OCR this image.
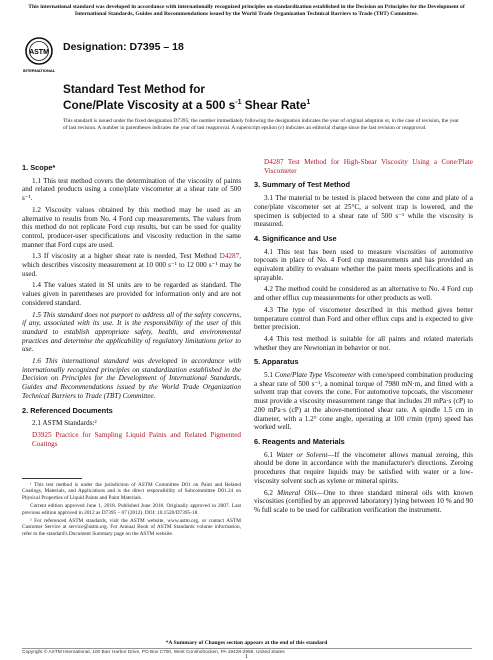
This international standard was developed in accordance with internationally recognized principles on standardization established in the Decision on Principles for the Development of International Standards, Guides and Recommendations issued by the World Trade Organization Technical Barriers to Trade (TBT) Committee.
ASTM
INTERNATIONAL
Designation: D7395 – 18
Standard Test Method for
Cone/Plate Viscosity at a 500 $s^{-1}$ Shear Rate$^1$
This standard is issued under the fixed designation D7395; the number immediately following the designation indicates the year of original adoption or, in the case of revision, the year of last revision. A number in parentheses indicates the year of last reapproval. A superscript epsilon (ε) indicates an editorial change since the last revision or reapproval.
1. Scope*

1.1 This test method covers the determination of the viscosity of paints and related products using a cone/plate viscometer at a shear rate of 500 s⁻¹.

1.2 Viscosity values obtained by this method may be used as an alternative to results from No. 4 Ford cup measurements. The values from this method do not replicate Ford cup results, but can be used for quality control, producer-user specifications and viscosity reduction in the same manner that Ford cups are used.

1.3 If viscosity at a higher shear rate is needed, Test Method D4287, which describes viscosity measurement at 10 000 s⁻¹ to 12 000 s⁻¹ may be used.

1.4 The values stated in SI units are to be regarded as standard. The values given in parentheses are provided for information only and are not considered standard.

1.5 This standard does not purport to address all of the safety concerns, if any, associated with its use. It is the responsibility of the user of this standard to establish appropriate safety, health, and environmental practices and determine the applicability of regulatory limitations prior to use.

1.6 This international standard was developed in accordance with internationally recognized principles on standardization established in the Decision on Principles for the Development of International Standards, Guides and Recommendations issued by the World Trade Organization Technical Barriers to Trade (TBT) Committee.

2. Referenced Documents

2.1 ASTM Standards:²

D3925 Practice for Sampling Liquid Paints and Related Pigmented Coatings

¹ This test method is under the jurisdiction of ASTM Committee D01 on Paint and Related Coatings, Materials, and Applications and is the direct responsibility of Subcommittee D01.24 on Physical Properties of Liquid Paints and Paint Materials.

Current edition approved June 1, 2018. Published June 2018. Originally approved in 2007. Last previous edition approved in 2012 as D7395 – 07 (2012). DOI: 10.1520/D7395-18.

² For referenced ASTM standards, visit the ASTM website, www.astm.org, or contact ASTM Customer Service at service@astm.org. For Annual Book of ASTM Standards volume information, refer to the standard's Document Summary page on the ASTM website.

D4287 Test Method for High-Shear Viscosity Using a Cone/Plate Viscometer

3. Summary of Test Method

3.1 The material to be tested is placed between the cone and plate of a cone/plate viscometer set at 25°C, a solvent trap is lowered, and the specimen is subjected to a shear rate of 500 s⁻¹ while the viscosity is measured.

4. Significance and Use

4.1 This test has been used to measure viscosities of automotive topcoats in place of No. 4 Ford cup measurements and has provided an equivalent ability to evaluate whether the paint meets specifications and is sprayable.

4.2 The method could be considered as an alternative to No. 4 Ford cup and other efflux cup measurements for other products as well.

4.3 The type of viscometer described in this method gives better temperature control than Ford and other efflux cups and is expected to give better precision.

4.4 This test method is suitable for all paints and related materials whether they are Newtonian in behavior or not.

5. Apparatus

5.1 Cone/Plate Type Viscometer with cone/speed combination producing a shear rate of 500 s⁻¹, a nominal torque of 7980 mN·m, and fitted with a solvent trap that covers the cone. For automotive topcoats, the viscometer must provide a viscosity measurement range that includes 20 mPa·s (cP) to 200 mPa·s (cP) at the above-mentioned shear rate. A spindle 1.5 cm in diameter, with a 1.2° cone angle, operating at 100 r/min (rpm) speed has worked well.

6. Reagents and Materials

6.1 Water or Solvent—If the viscometer allows manual zeroing, this should be done in accordance with the manufacturer's directions. Zeroing procedures that require liquids may be satisfied with water or a low-viscosity solvent such as xylene or mineral spirits.

6.2 Mineral Oils—One to three standard mineral oils with known viscosities (certified by an approved laboratory) lying between 10 % and 90 % full scale to be used for calibration verification the instrument.

*A Summary of Changes section appears at the end of this standard
Copyright © ASTM International, 100 Barr Harbor Drive, PO Box C700, West Conshohocken, PA 19428-2959. United States
1
